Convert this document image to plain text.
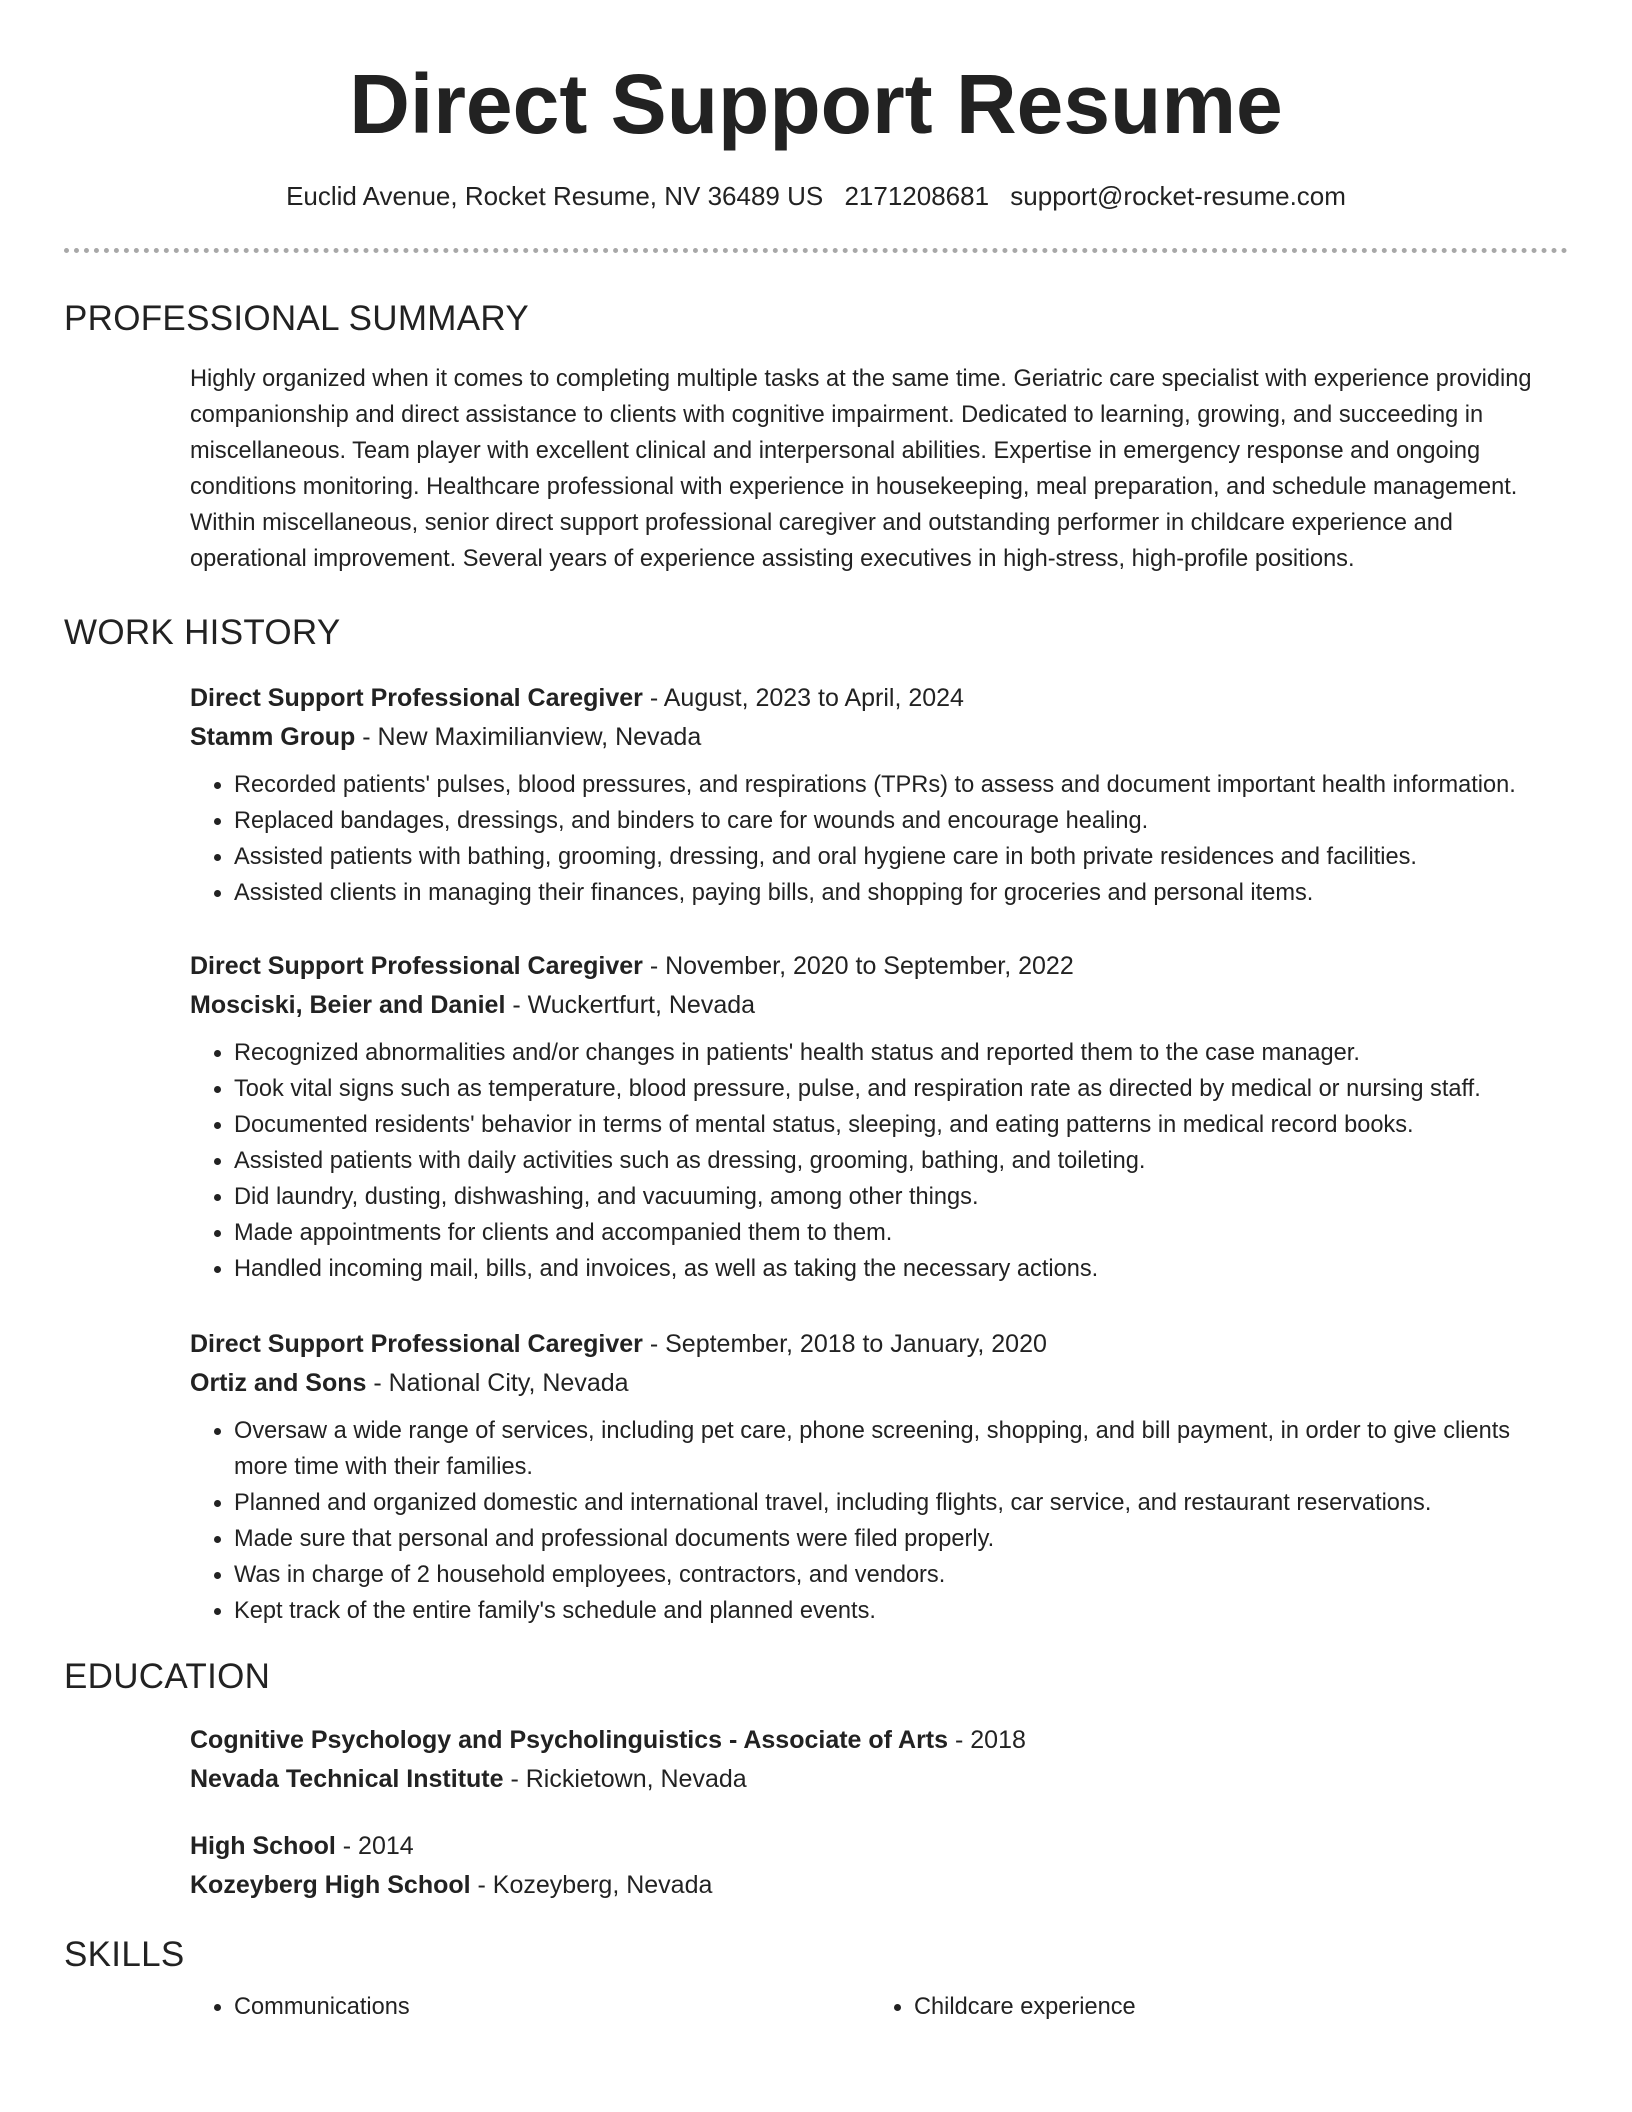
Direct Support Resume
Euclid Avenue, Rocket Resume, NV 36489 US 2171208681 support@rocket-resume.com
PROFESSIONAL SUMMARY
Highly organized when it comes to completing multiple tasks at the same time. Geriatric care specialist with experience providing companionship and direct assistance to clients with cognitive impairment. Dedicated to learning, growing, and succeeding in miscellaneous. Team player with excellent clinical and interpersonal abilities. Expertise in emergency response and ongoing conditions monitoring. Healthcare professional with experience in housekeeping, meal preparation, and schedule management. Within miscellaneous, senior direct support professional caregiver and outstanding performer in childcare experience and operational improvement. Several years of experience assisting executives in high-stress, high-profile positions.
WORK HISTORY
Direct Support Professional Caregiver - August, 2023 to April, 2024
Stamm Group - New Maximilianview, Nevada
• Recorded patients' pulses, blood pressures, and respirations (TPRs) to assess and document important health information.
• Replaced bandages, dressings, and binders to care for wounds and encourage healing.
• Assisted patients with bathing, grooming, dressing, and oral hygiene care in both private residences and facilities.
• Assisted clients in managing their finances, paying bills, and shopping for groceries and personal items.
Direct Support Professional Caregiver - November, 2020 to September, 2022
Mosciski, Beier and Daniel - Wuckertfurt, Nevada
• Recognized abnormalities and/or changes in patients' health status and reported them to the case manager.
• Took vital signs such as temperature, blood pressure, pulse, and respiration rate as directed by medical or nursing staff.
• Documented residents' behavior in terms of mental status, sleeping, and eating patterns in medical record books.
• Assisted patients with daily activities such as dressing, grooming, bathing, and toileting.
• Did laundry, dusting, dishwashing, and vacuuming, among other things.
• Made appointments for clients and accompanied them to them.
• Handled incoming mail, bills, and invoices, as well as taking the necessary actions.
Direct Support Professional Caregiver - September, 2018 to January, 2020
Ortiz and Sons - National City, Nevada
• Oversaw a wide range of services, including pet care, phone screening, shopping, and bill payment, in order to give clients more time with their families.
• Planned and organized domestic and international travel, including flights, car service, and restaurant reservations.
• Made sure that personal and professional documents were filed properly.
• Was in charge of 2 household employees, contractors, and vendors.
• Kept track of the entire family's schedule and planned events.
EDUCATION
Cognitive Psychology and Psycholinguistics - Associate of Arts - 2018
Nevada Technical Institute - Rickietown, Nevada
High School - 2014
Kozeyberg High School - Kozeyberg, Nevada
SKILLS
• Communications
•	Childcare experience
